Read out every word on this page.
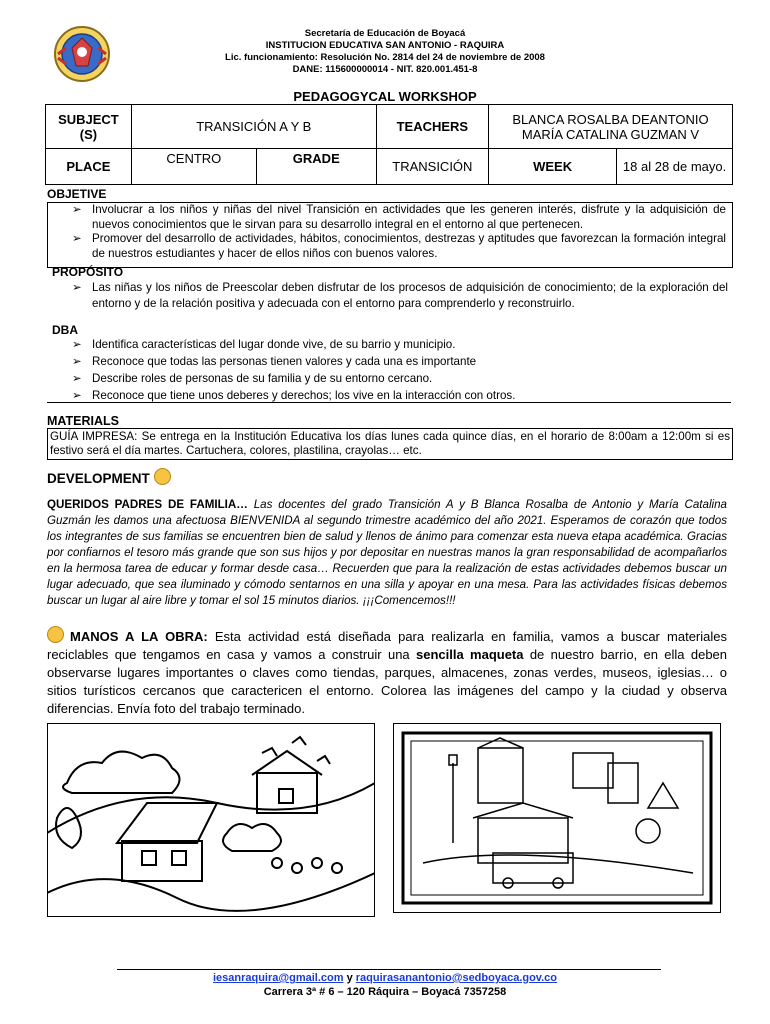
Secretaría de Educación de Boyacá
INSTITUCION EDUCATIVA SAN ANTONIO - RAQUIRA
Lic. funcionamiento: Resolución No. 2814 del 24 de noviembre de 2008
DANE: 115600000014 - NIT. 820.001.451-8
PEDAGOGYCAL WORKSHOP
SUBJECT (S)	TRANSICIÓN A Y B		TEACHERS	BLANCA ROSALBA DEANTONIO
MARÍA CATALINA GUZMAN V	

PLACE	CENTRO	GRADE	TRANSICIÓN	WEEK	18 al 28 de mayo.
OBJETIVE
➢ Involucrar a los niños y niñas del nivel Transición en actividades que les generen interés, disfrute y la adquisición de nuevos conocimientos que le sirvan para su desarrollo integral en el entorno al que pertenecen.
➢ Promover del desarrollo de actividades, hábitos, conocimientos, destrezas y aptitudes que favorezcan la formación integral de nuestros estudiantes y hacer de ellos niños con buenos valores.
PROPÓSITO
➢ Las niñas y los niños de Preescolar deben disfrutar de los procesos de adquisición de conocimiento; de la exploración del entorno y de la relación positiva y adecuada con el entorno para comprenderlo y reconstruirlo.
DBA
➢ Identifica características del lugar donde vive, de su barrio y municipio.
➢ Reconoce que todas las personas tienen valores y cada una es importante
➢ Describe roles de personas de su familia y de su entorno cercano.
➢ Reconoce que tiene unos deberes y derechos; los vive en la interacción con otros.
MATERIALS
GUÍA IMPRESA: Se entrega en la Institución Educativa los días lunes cada quince días, en el horario de 8:00am a 12:00m si es festivo será el día martes. Cartuchera, colores, plastilina, crayolas… etc.
DEVELOPMENT
QUERIDOS PADRES DE FAMILIA… Las docentes del grado Transición A y B Blanca Rosalba de Antonio y María Catalina Guzmán les damos una afectuosa BIENVENIDA al segundo trimestre académico del año 2021. Esperamos de corazón que todos los integrantes de sus familias se encuentren bien de salud y llenos de ánimo para comenzar esta nueva etapa académica. Gracias por confiarnos el tesoro más grande que son sus hijos y por depositar en nuestras manos la gran responsabilidad de acompañarlos en la hermosa tarea de educar y formar desde casa… Recuerden que para la realización de estas actividades debemos buscar un lugar adecuado, que sea iluminado y cómodo sentarnos en una silla y apoyar en una mesa. Para las actividades físicas debemos buscar un lugar al aire libre y tomar el sol 15 minutos diarios. ¡¡¡Comencemos!!!
MANOS A LA OBRA: Esta actividad está diseñada para realizarla en familia, vamos a buscar materiales reciclables que tengamos en casa y vamos a construir una sencilla maqueta de nuestro barrio, en ella deben observarse lugares importantes o claves como tiendas, parques, almacenes, zonas verdes, museos, iglesias… o sitios turísticos cercanos que caractericen el entorno. Colorea las imágenes del campo y la ciudad y observa diferencias. Envía foto del trabajo terminado.
iesanraquira@gmail.com y raquirasanantonio@sedboyaca.gov.co
Carrera 3ª # 6 – 120 Ráquira – Boyacá 7357258
